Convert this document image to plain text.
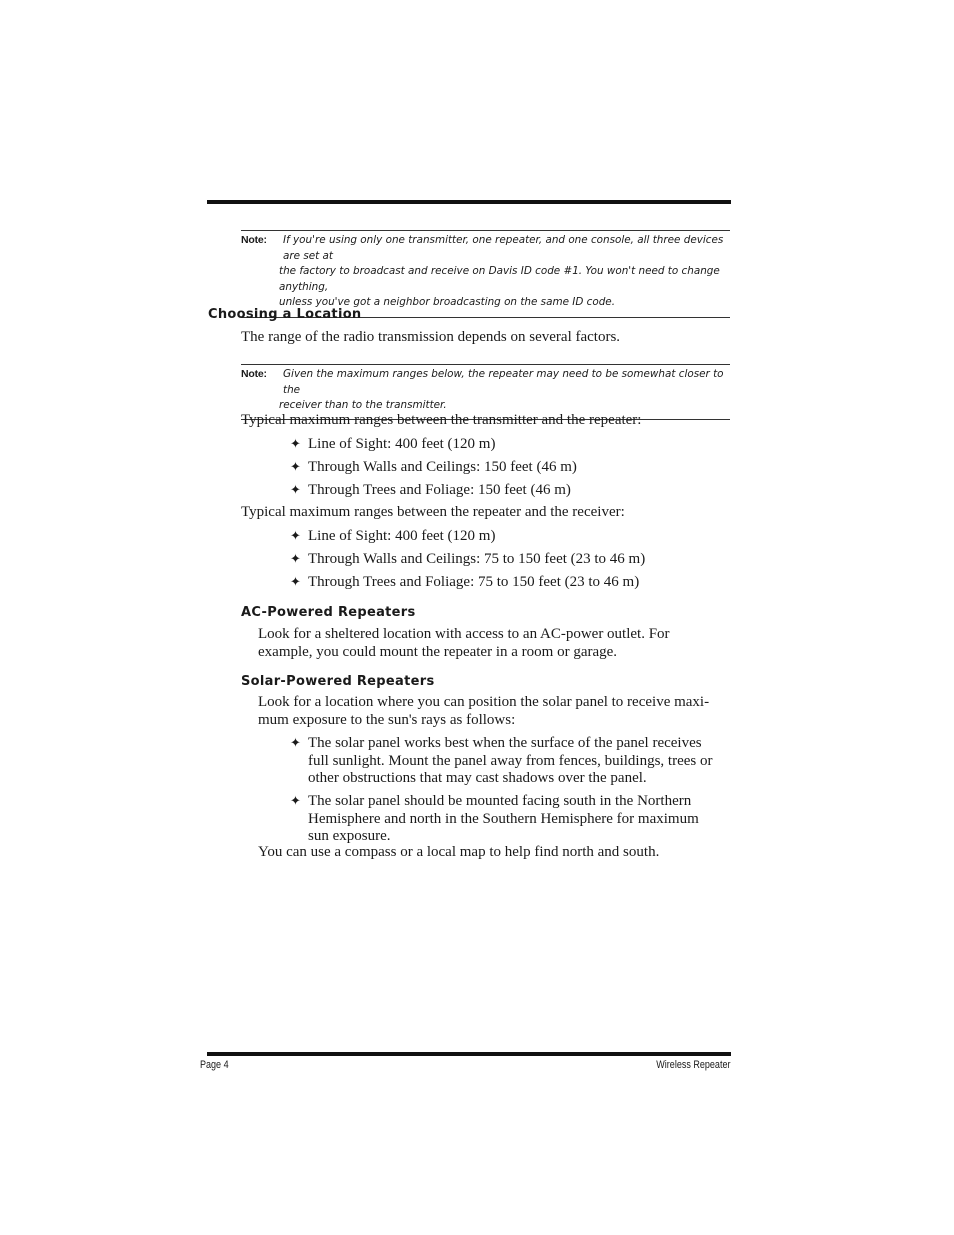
Note:	If you're using only one transmitter, one repeater, and one console, all three devices are set at
the factory to broadcast and receive on Davis ID code #1. You won't need to change anything,
unless you've got a neighbor broadcasting on the same ID code.
Choosing a Location
The range of the radio transmission depends on several factors.
Note:	Given the maximum ranges below, the repeater may need to be somewhat closer to the
receiver than to the transmitter.
Typical maximum ranges between the transmitter and the repeater:
✦ Line of Sight: 400 feet (120 m)
✦ Through Walls and Ceilings: 150 feet (46 m)
✦ Through Trees and Foliage: 150 feet (46 m)
Typical maximum ranges between the repeater and the receiver:
✦ Line of Sight: 400 feet (120 m)
✦ Through Walls and Ceilings: 75 to 150 feet (23 to 46 m)
✦ Through Trees and Foliage: 75 to 150 feet (23 to 46 m)
AC-Powered Repeaters
Look for a sheltered location with access to an AC-power outlet. For
example, you could mount the repeater in a room or garage.
Solar-Powered Repeaters
Look for a location where you can position the solar panel to receive maxi-
mum exposure to the sun's rays as follows:
✦ The solar panel works best when the surface of the panel receives
full sunlight. Mount the panel away from fences, buildings, trees or
other obstructions that may cast shadows over the panel.
✦ The solar panel should be mounted facing south in the Northern
Hemisphere and north in the Southern Hemisphere for maximum
sun exposure.
You can use a compass or a local map to help find north and south.
Page 4	Wireless Repeater
